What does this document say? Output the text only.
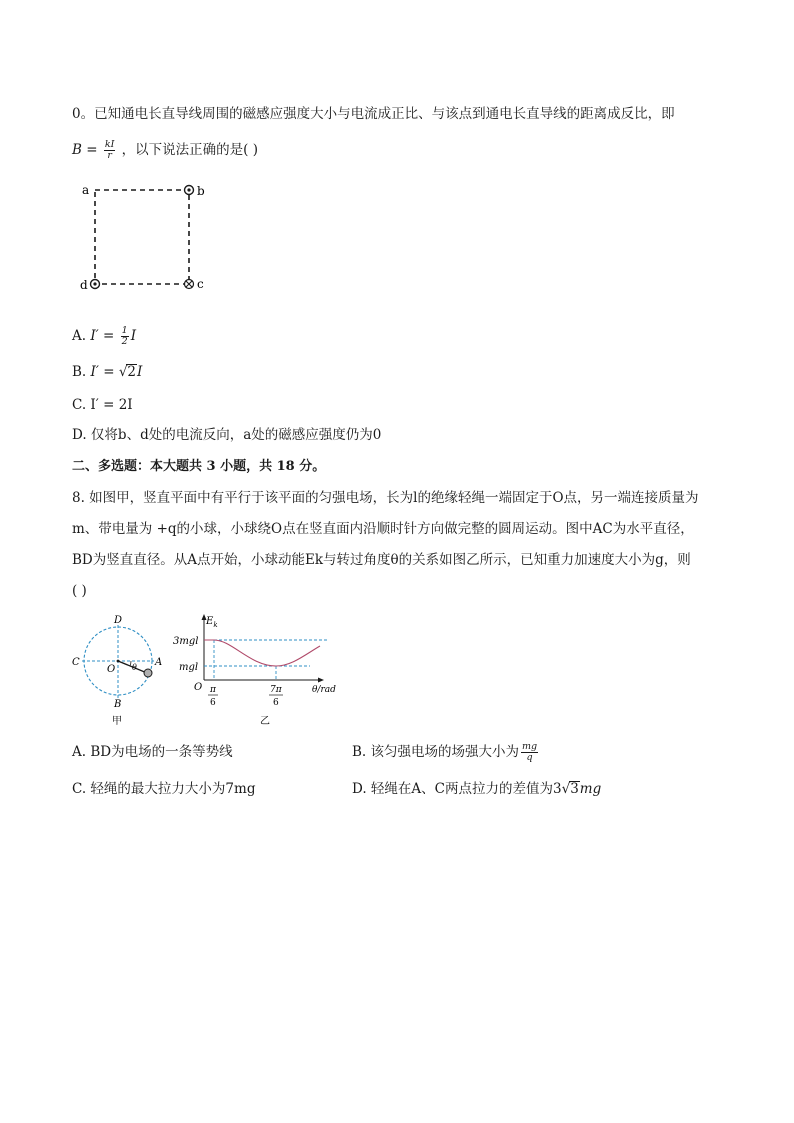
0。已知通电长直导线周围的磁感应强度大小与电流成正比、与该点到通电长直导线的距离成反比，即
$B = \frac{kI}{r}$ ，以下说法正确的是( )
a	b
c
d
A. $I' = \frac{1}{2}$ I
B. I′ = √2I
C. I′ = 2I
D. 仅将b、d处的电流反向，a处的磁感应强度仍为0
二、多选题：本大题共 3 小题，共 18 分。
8. 如图甲，竖直平面中有平行于该平面的匀强电场，长为l的绝缘轻绳一端固定于O点，另一端连接质量为
m、带电量为 +q的小球，小球绕O点在竖直面内沿顺时针方向做完整的圆周运动。图中AC为水平直径，
BD为竖直直径。从A点开始，小球动能Ek与转过角度θ的关系如图乙所示，已知重力加速度大小为g，则
( )
D
C
O θ A
B
甲
$E_k$
3mgl
mgl
O π
6
7π
6
θ/rad
乙
A. BD为电场的一条等势线	B. 该匀强电场的场强大小为 $\frac{mg}{q}$
C. 轻绳的最大拉力大小为7mg	D. 轻绳在A、C两点拉力的差值为3√3mg
